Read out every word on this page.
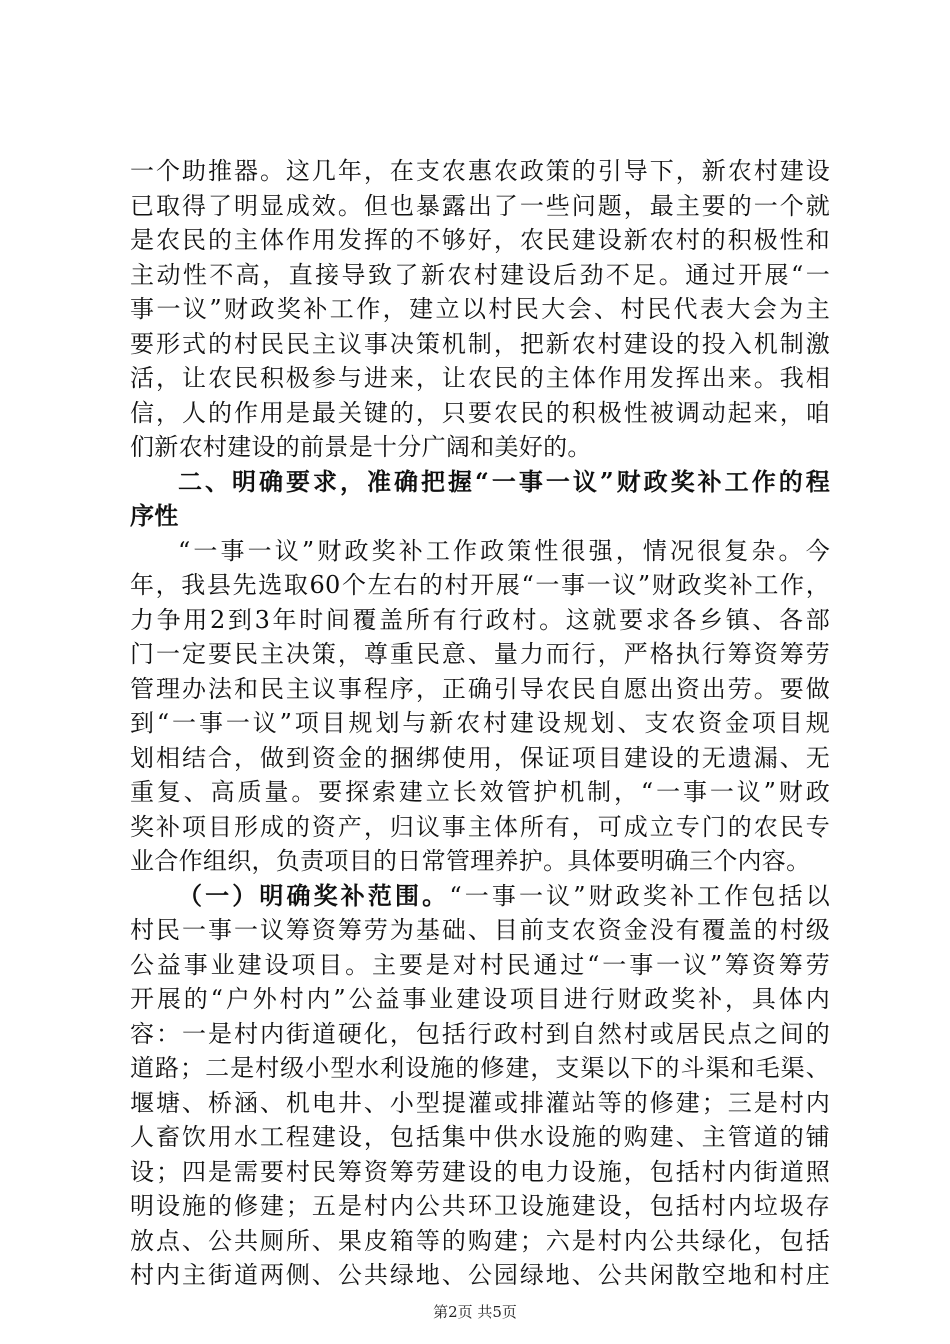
一个助推器。这几年，在支农惠农政策的引导下，新农村建设
已取得了明显成效。但也暴露出了一些问题，最主要的一个就
是农民的主体作用发挥的不够好，农民建设新农村的积极性和
主动性不高，直接导致了新农村建设后劲不足。通过开展“一
事一议”财政奖补工作，建立以村民大会、村民代表大会为主
要形式的村民民主议事决策机制，把新农村建设的投入机制激
活，让农民积极参与进来，让农民的主体作用发挥出来。我相
信，人的作用是最关键的，只要农民的积极性被调动起来，咱
们新农村建设的前景是十分广阔和美好的。
二、明确要求，准确把握“一事一议”财政奖补工作的程
序性
“一事一议”财政奖补工作政策性很强，情况很复杂。今
年，我县先选取60个左右的村开展“一事一议”财政奖补工作，
力争用2到3年时间覆盖所有行政村。这就要求各乡镇、各部
门一定要民主决策，尊重民意、量力而行，严格执行筹资筹劳
管理办法和民主议事程序，正确引导农民自愿出资出劳。要做
到“一事一议”项目规划与新农村建设规划、支农资金项目规
划相结合，做到资金的捆绑使用，保证项目建设的无遗漏、无
重复、高质量。要探索建立长效管护机制，“一事一议”财政
奖补项目形成的资产，归议事主体所有，可成立专门的农民专
业合作组织，负责项目的日常管理养护。具体要明确三个内容。
（一）明确奖补范围。“一事一议”财政奖补工作包括以
村民一事一议筹资筹劳为基础、目前支农资金没有覆盖的村级
公益事业建设项目。主要是对村民通过“一事一议”筹资筹劳
开展的“户外村内”公益事业建设项目进行财政奖补，具体内
容：一是村内街道硬化，包括行政村到自然村或居民点之间的
道路；二是村级小型水利设施的修建，支渠以下的斗渠和毛渠、
堰塘、桥涵、机电井、小型提灌或排灌站等的修建；三是村内
人畜饮用水工程建设，包括集中供水设施的购建、主管道的铺
设；四是需要村民筹资筹劳建设的电力设施，包括村内街道照
明设施的修建；五是村内公共环卫设施建设，包括村内垃圾存
放点、公共厕所、果皮箱等的购建；六是村内公共绿化，包括
村内主街道两侧、公共绿地、公园绿地、公共闲散空地和村庄
第2页 共5页
